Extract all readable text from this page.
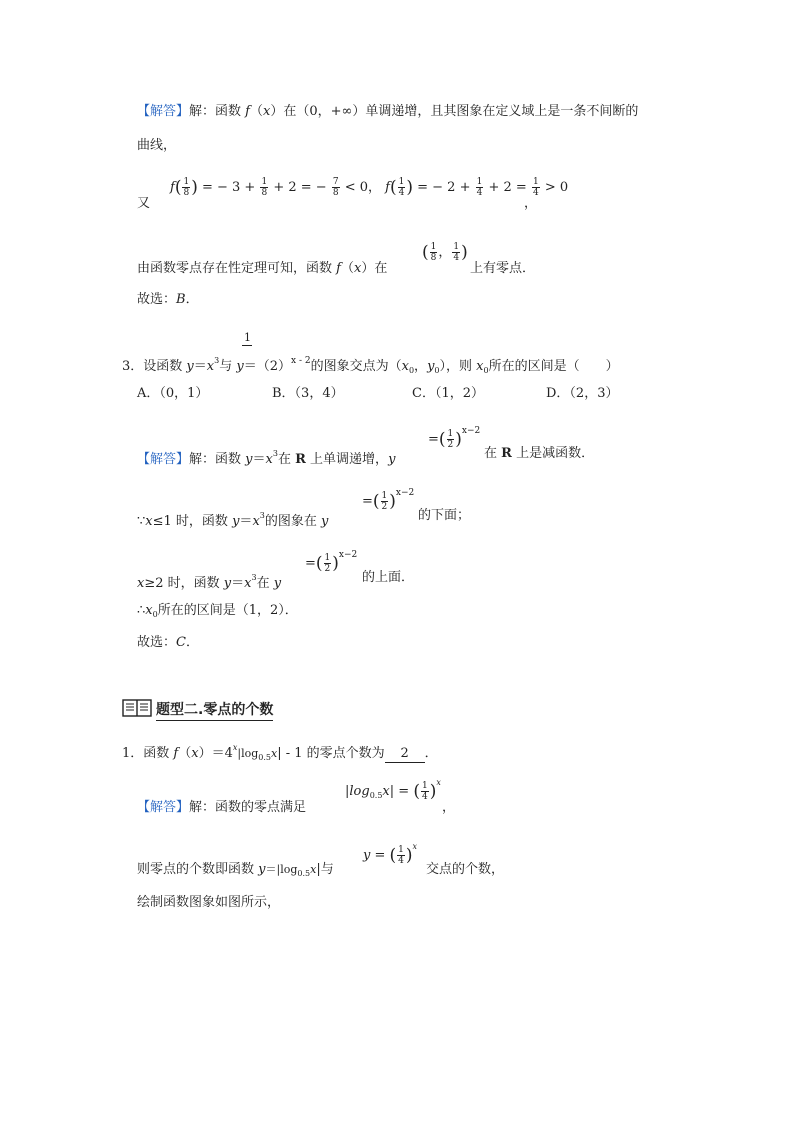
【解答】解：函数 f（x）在（0，+∞）单调递增，且其图象在定义域上是一条不间断的
曲线，
又
$f( \frac{1}{8}$ ) = − $3 + \frac{1}{8} + 2$ = − $\frac{7}{8} < 0$， $f( \frac{1}{4}$ ) = − $2 + \frac{1}{4} + 2 = \frac{1}{4} > 0$
，
由函数零点存在性定理可知，函数 f（x）在
( $\frac{1}{8}$ ， $\frac{1}{4}$ )
上有零点．
故选：B．
1
3．设函数 $y=x^3$与 $y=(2)^{x - 2}$的图象交点为（$x_0$，$y_0$），则 $x_0$所在的区间是（　　）
A．（0，1）	B．（3，4）	C．（1，2）	D．（2，3）
【解答】解：函数 $y=x^3$在 R 上单调递增，y
=( $\frac{1}{2} )^{x-2}$
在 R 上是减函数．
∵x≤1 时，函数 $y=x^3$的图象在 y
=( $\frac{1}{2} )^{x-2}$
的下面；
x≥2 时，函数 $y=x^3$在 y
=( $\frac{1}{2} )^{x-2}$
的上面．
$\therefore x_0$所在的区间是（1，2）．
故选：C．
题型二.零点的个数
1．函数 $f(x)=4^x|\log_{0.5}x| - 1$ 的零点个数为 2 ．
【解答】解：函数的零点满足
$|\log_{0.5}x|$ = ( $\frac{1}{4} )^x$
，
则零点的个数即函数 $y=|\log_{0.5}x|$与
y = ( $\frac{1}{4} )^x$
交点的个数，
绘制函数图象如图所示，
